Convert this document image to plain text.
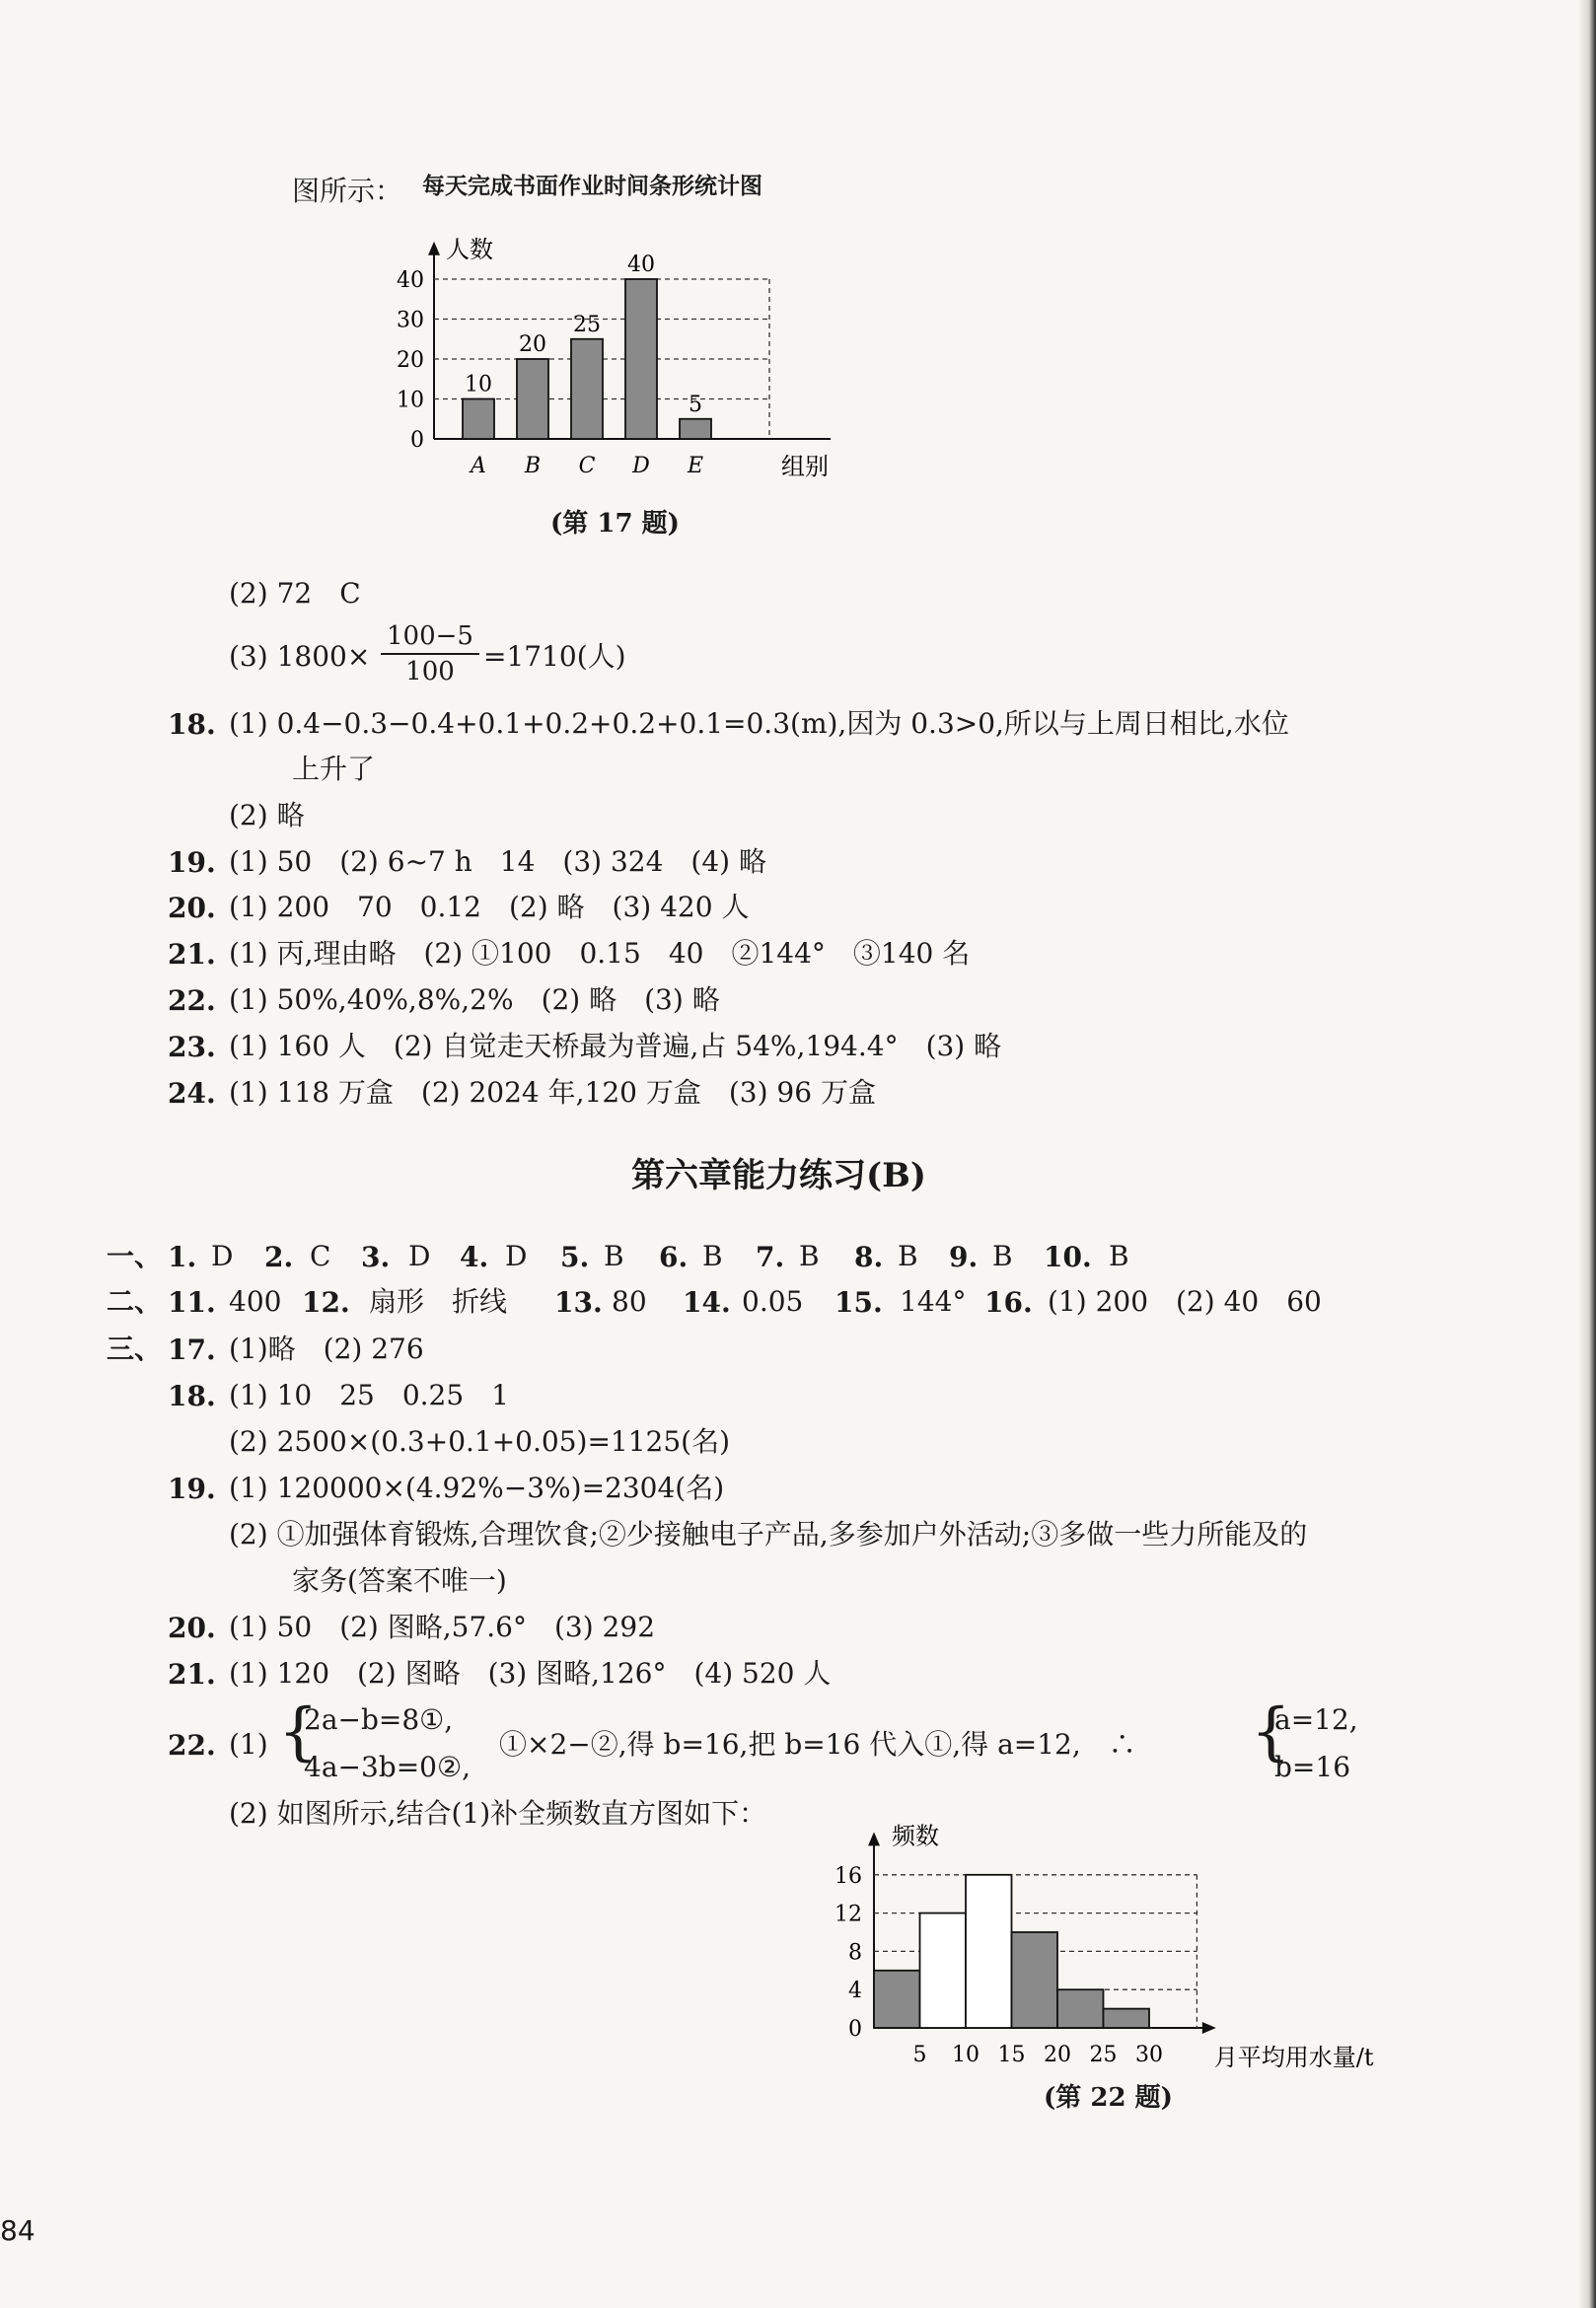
图所示： 每天完成书面作业时间条形统计图
人数
0
10
20
30
40
10
A
20
B
25
C
40
D
5
E	组别
(第 17 题)
(2) 72　C
(3) 1800×
100−5
100	=1710(人)
18. (1) 0.4−0.3−0.4+0.1+0.2+0.2+0.1=0.3(m),因为 0.3>0,所以与上周日相比,水位
上升了
(2) 略
19. (1) 50　(2) 6~7 h　14　(3) 324　(4) 略
20. (1) 200　70　0.12　(2) 略　(3) 420 人
21. (1) 丙,理由略　(2) ①100　0.15　40　②144°　③140 名
22. (1) 50%,40%,8%,2%　(2) 略　(3) 略
23. (1) 160 人　(2) 自觉走天桥最为普遍,占 54%,194.4°　(3) 略
24. (1) 118 万盒　(2) 2024 年,120 万盒　(3) 96 万盒
第六章能力练习(B)
一、
二、
三、 17. (1)略　(2) 276
18. (1) 10　25　0.25　1
(2) 2500×(0.3+0.1+0.05)=1125(名)
19. (1) 120000×(4.92%−3%)=2304(名)
(2) ①加强体育锻炼,合理饮食;②少接触电子产品,多参加户外活动;③多做一些力所能及的
家务(答案不唯一)
20. (1) 50　(2) 图略,57.6°　(3) 292
21. (1) 120　(2) 图略　(3) 图略,126°　(4) 520 人
22. (1) {
2a−b=8①,
4a−3b=0②,
①×2−②,得 b=16,把 b=16 代入①,得 a=12,　∴ {
a=12,
b=16
(2) 如图所示,结合(1)补全频数直方图如下：
频数
0
4
8
12
16
5 10 15 20 25 30 月平均用水量/t
(第 22 题)
84
1. D 2. C 3. D 4. D 5. B 6. B 7. B 8. B 9. B 10. B
11. 400 12. 扇形　折线 13. 80 14. 0.05 15. 144° 16. (1) 200　(2) 40　60
